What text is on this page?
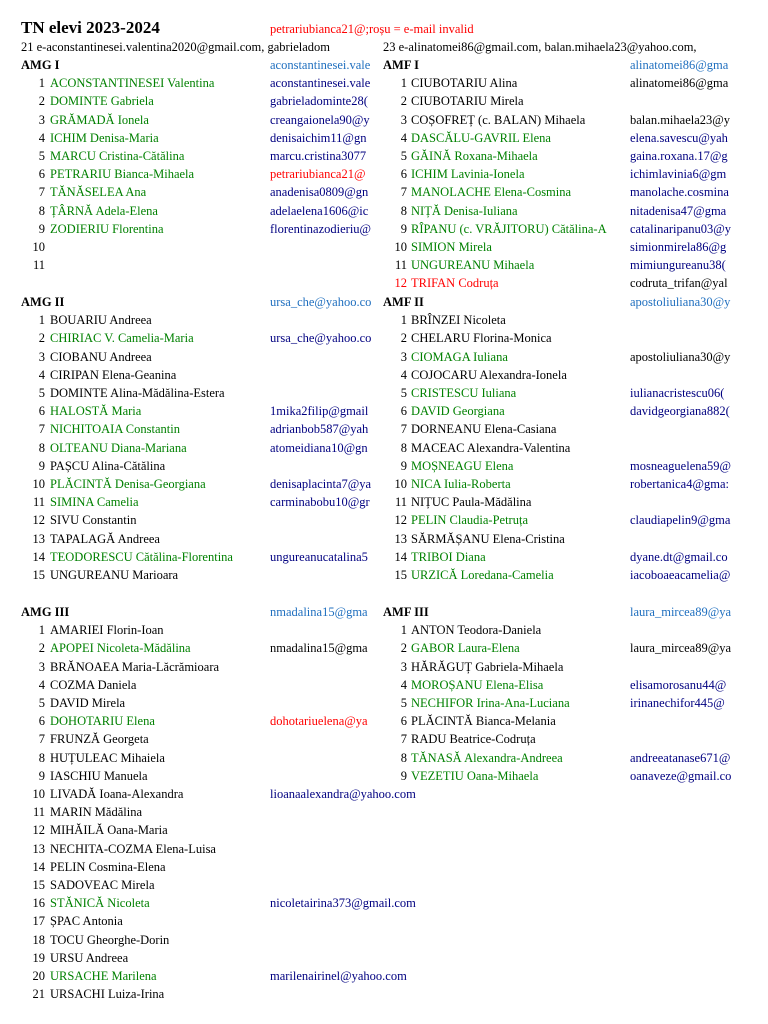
TN elevi 2023-2024	petrariubianca21@;roșu = e-mail invalid
21 e-aconstantinesei.valentina2020@gmail.com, gabrieladom	23 e-alinatomei86@gmail.com, balan.mihaela23@yahoo.com,
AMG I	aconstantinesei.vale
1 ACONSTANTINESEI Valentina	aconstantinesei.vale
2 DOMINTE Gabriela	gabrieladominte28(
3 GRĂMADĂ Ionela	creangaionela90@y
4 ICHIM Denisa-Maria	denisaichim11@gn
5 MARCU Cristina-Cătălina	marcu.cristina3077
6 PETRARIU Bianca-Mihaela	petrariubianca21@
7 TĂNĂSELEA Ana	anadenisa0809@gn
8 ȚÂRNĂ Adela-Elena	adelaelena1606@ic
9 ZODIERIU Florentina	florentinazodieriu@
10
11
AMF I	alinatomei86@gma
1 CIUBOTARIU Alina	alinatomei86@gma
2 CIUBOTARIU Mirela
3 COȘOFREȚ (c. BALAN) Mihaela	balan.mihaela23@y
4 DASCĂLU-GAVRIL Elena	elena.savescu@yah
5 GĂINĂ Roxana-Mihaela	gaina.roxana.17@g
6 ICHIM Lavinia-Ionela	ichimlavinia6@gm
7 MANOLACHE Elena-Cosmina	manolache.cosmina
8 NIȚĂ Denisa-Iuliana	nitadenisa47@gma
9 RÎPANU (c. VRĂJITORU) Cătălina-A	catalinaripanu03@y
10 SIMION Mirela	simionmirela86@g
11 UNGUREANU Mihaela	mimiungureanu38(
12 TRIFAN Codruța	codruta_trifan@yal
AMG II	ursa_che@yahoo.co
1 BOUARIU Andreea
2 CHIRIAC V. Camelia-Maria	ursa_che@yahoo.co
3 CIOBANU Andreea
4 CIRIPAN Elena-Geanina
5 DOMINTE Alina-Mădălina-Estera
6 HALOSTĂ Maria	1mika2filip@gmail
7 NICHITOAIA Constantin	adrianbob587@yah
8 OLTEANU Diana-Mariana	atomeidiana10@gn
9 PAȘCU Alina-Cătălina
10 PLĂCINTĂ Denisa-Georgiana	denisaplacinta7@ya
11 SIMINA Camelia	carminabobu10@gr
12 SIVU Constantin
13 TAPALAGĂ Andreea
14 TEODORESCU Cătălina-Florentina	ungureanucatalina5
15 UNGUREANU Marioara
AMF II	apostoliuliana30@y
1 BRÎNZEI Nicoleta
2 CHELARU Florina-Monica
3 CIOMAGA Iuliana	apostoliuliana30@y
4 COJOCARU Alexandra-Ionela
5 CRISTESCU Iuliana	iulianacristescu06(
6 DAVID Georgiana	davidgeorgiana882(
7 DORNEANU Elena-Casiana
8 MACEAC Alexandra-Valentina
9 MOȘNEAGU Elena	mosneaguelena59@
10 NICA Iulia-Roberta	robertanica4@gma:
11 NIȚUC Paula-Mădălina
12 PELIN Claudia-Petruța	claudiapelin9@gma
13 SĂRMĂȘANU Elena-Cristina
14 TRIBOI Diana	dyane.dt@gmail.co
15 URZICĂ Loredana-Camelia	iacoboaeacamelia@
AMG III	nmadalina15@gma
1 AMARIEI Florin-Ioan
2 APOPEI Nicoleta-Mădălina	nmadalina15@gma
3 BRĂNOAEA Maria-Lăcrămioara
4 COZMA Daniela
5 DAVID Mirela
6 DOHOTARIU Elena	dohotariuelena@ya
7 FRUNZĂ Georgeta
8 HUȚULEAC Mihaiela
9 IASCHIU Manuela
10 LIVADĂ Ioana-Alexandra	lioanaalexandra@yahoo.com
11 MARIN Mădălina
12 MIHĂILĂ Oana-Maria
13 NECHITA-COZMA Elena-Luisa
14 PELIN Cosmina-Elena
15 SADOVEAC Mirela
16 STĂNICĂ Nicoleta	nicoletairina373@gmail.com
17 ȘPAC Antonia
18 TOCU Gheorghe-Dorin
19 URSU Andreea
20 URSACHE Marilena	marilenairinel@yahoo.com
21 URSACHI Luiza-Irina
AMF III	laura_mircea89@ya
1 ANTON Teodora-Daniela
2 GABOR Laura-Elena	laura_mircea89@ya
3 HĂRĂGUȚ Gabriela-Mihaela
4 MOROȘANU Elena-Elisa	elisamorosanu44@
5 NECHIFOR Irina-Ana-Luciana	irinanechifor445@
6 PLĂCINTĂ Bianca-Melania
7 RADU Beatrice-Codruța
8 TĂNASĂ Alexandra-Andreea	andreeatanase671@
9 VEZETIU Oana-Mihaela	oanaveze@gmail.co
